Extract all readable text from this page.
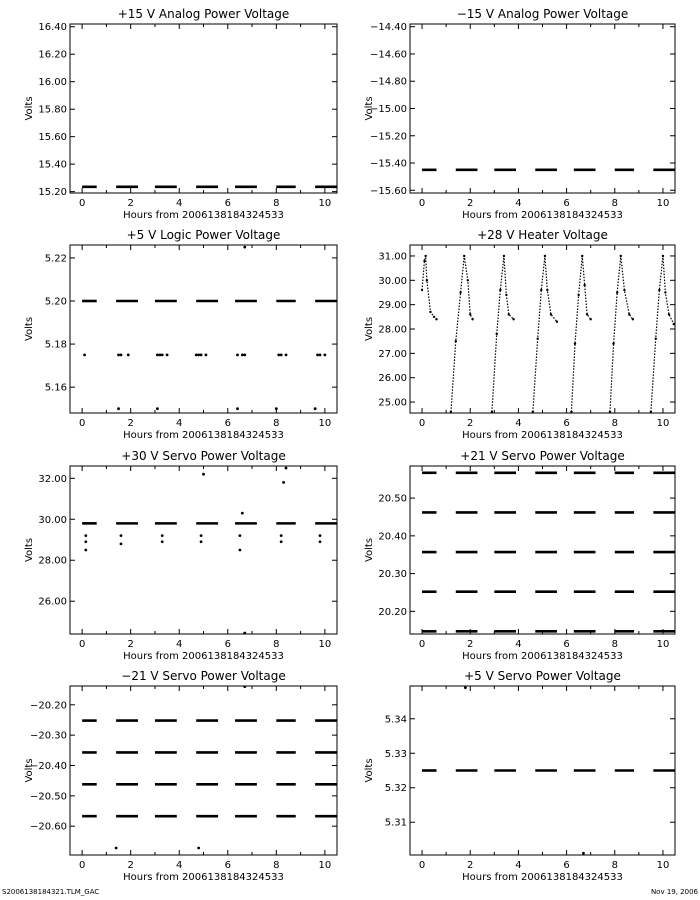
+15 V Analog Power Voltage
0	2	4	6	8	10
15.20
15.40
15.60
15.80
16.00
16.20
16.40
Hours from 2006138184324533
Volts
−15 V Analog Power Voltage
0	2	4	6	8	10
−15.60
−15.40
−15.20
−15.00
−14.80
−14.60
−14.40
Hours from 2006138184324533
Volts
+5 V Logic Power Voltage
0	2	4	6	8	10
5.16
5.18
5.20
5.22
Hours from 2006138184324533
Volts
+28 V Heater Voltage
0	2	4	6	8	10
25.00
26.00
27.00
28.00
29.00
30.00
31.00
Hours from 2006138184324533
Volts
+30 V Servo Power Voltage
0	2	4	6	8	10
26.00
28.00
30.00
32.00
Hours from 2006138184324533
Volts
+21 V Servo Power Voltage
0	2	4	6	8	10
20.20
20.30
20.40
20.50
Hours from 2006138184324533
Volts
−21 V Servo Power Voltage
0	2	4	6	8	10
−20.60
−20.50
−20.40
−20.30
−20.20
Hours from 2006138184324533
Volts
+5 V Servo Power Voltage
0	2	4	6	8	10
5.31
5.32
5.33
5.34
Hours from 2006138184324533
Volts
S2006138184321.TLM_GAC	Nov 19, 2006
